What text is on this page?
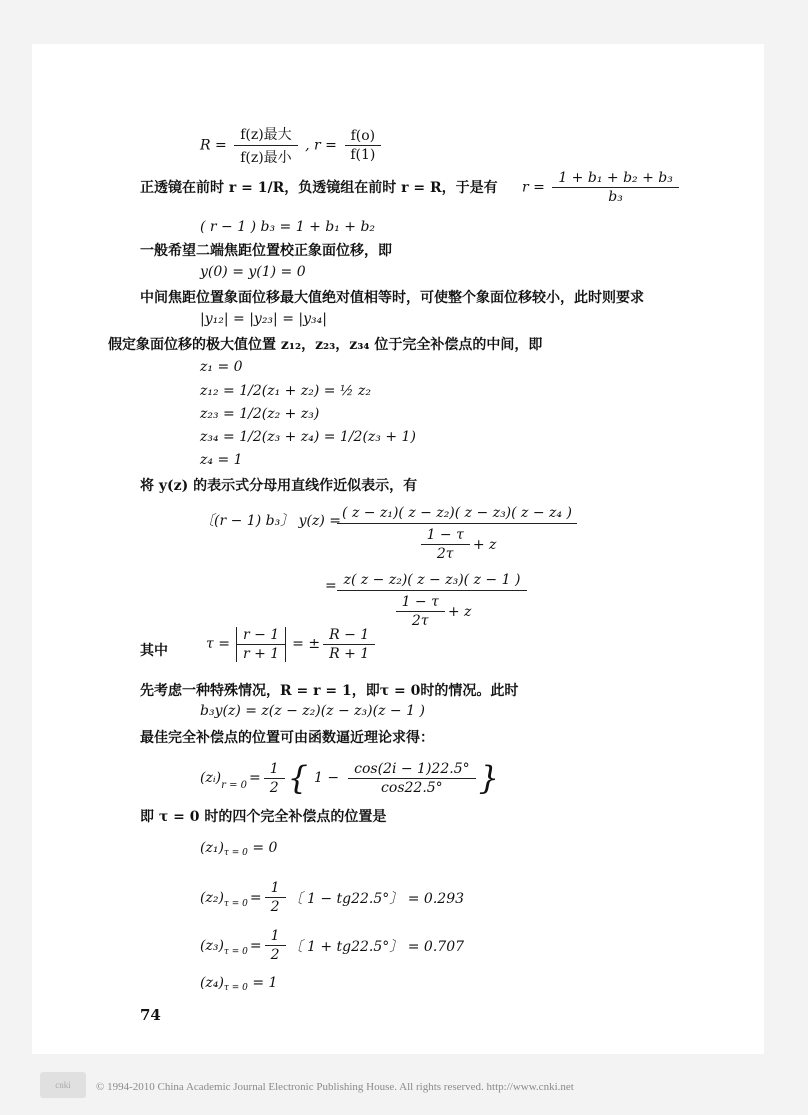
$R = \frac{\text{f(z)最大}}{\text{f(z)最小}}$ , $r = \frac{f(o)}{f(1)}$
正透镜在前时 r = 1/R，负透镜组在前时 r = R，于是有 $r = \frac{\text{1 + b₁ + b₂ + b₃}}{\text{b₃}}$
( r − 1 ) b₃ = 1 + b₁ + b₂
一般希望二端焦距位置校正象面位移，即
y(0) = y(1) = 0
中间焦距位置象面位移最大值绝对值相等时，可使整个象面位移较小，此时则要求
|y₁₂| = |y₂₃| = |y₃₄|
假定象面位移的极大值位置 z₁₂，z₂₃，z₃₄ 位于完全补偿点的中间，即
z₁ = 0
z₁₂ = 1/2(z₁ + z₂) = ½ z₂
z₂₃ = 1/2(z₂ + z₃)
z₃₄ = 1/2(z₃ + z₄) = 1/2(z₃ + 1)
z₄ = 1
将 y(z) 的表示式分母用直线作近似表示，有
〔(r − 1) b₃〕 y(z) =
$\frac{\text{( z − z₁)( z − z₂)( z − z₃)( z − z₄ )}}{\frac{1 - \tau}{2\tau} + z}$
= $\frac{\text{z( z − z₂)( z − z₃)( z − 1 )}}{\frac{1 - \tau}{2\tau} + z}$
其中	$\tau = \frac{r - 1}{r + 1}$ = ± $\frac{R - 1}{R + 1}$
先考虑一种特殊情况，R = r = 1，即τ = 0时的情况。此时
b₃y(z) = z(z − z₂)(z − z₃)(z − 1 )
最佳完全补偿点的位置可由函数逼近理论求得：
$(zᵢ)_{r = 0} = \frac{1}{2}$ { $1 - \frac{\cos(2i - 1)22.5^\circ}{\cos 22.5^\circ}$ }
即 τ = 0 时的四个完全补偿点的位置是
$(z_1)_{\tau = 0} = 0$
$(z_2)_{\tau = 0} = \frac{1}{2}$ 〔 1 − tg22.5°〕 = 0.293
$(z_3)_{\tau = 0} = \frac{1}{2}$ 〔 1 + tg22.5°〕 = 0.707
$(z_4)_{\tau = 0} = 1$
74
cnki	© 1994-2010 China Academic Journal Electronic Publishing House. All rights reserved. http://www.cnki.net
